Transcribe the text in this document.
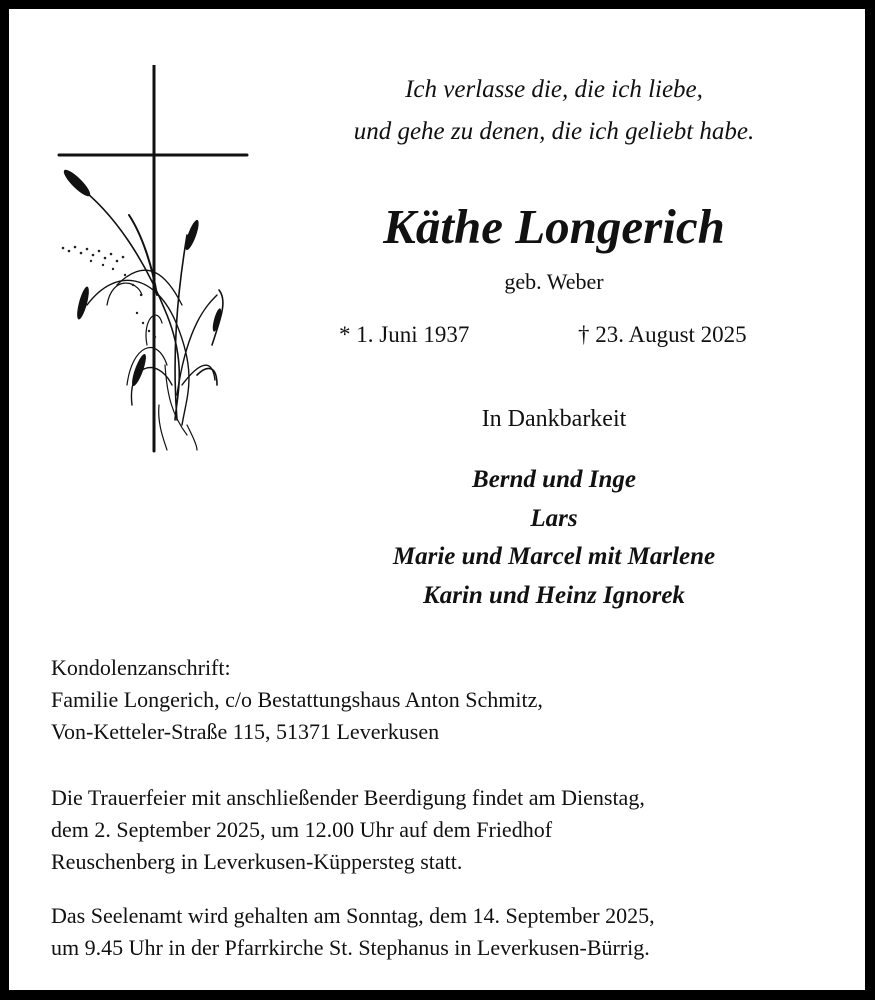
Ich verlasse die, die ich liebe,
und gehe zu denen, die ich geliebt habe.
Käthe Longerich
geb. Weber
* 1. Juni 1937	† 23. August 2025
In Dankbarkeit
Bernd und Inge
Lars
Marie und Marcel mit Marlene
Karin und Heinz Ignorek
Kondolenzanschrift:
Familie Longerich, c/o Bestattungshaus Anton Schmitz,
Von-Ketteler-Straße 115, 51371 Leverkusen
Die Trauerfeier mit anschließender Beerdigung findet am Dienstag,
dem 2. September 2025, um 12.00 Uhr auf dem Friedhof
Reuschenberg in Leverkusen-Küppersteg statt.
Das Seelenamt wird gehalten am Sonntag, dem 14. September 2025,
um 9.45 Uhr in der Pfarrkirche St. Stephanus in Leverkusen-Bürrig.
